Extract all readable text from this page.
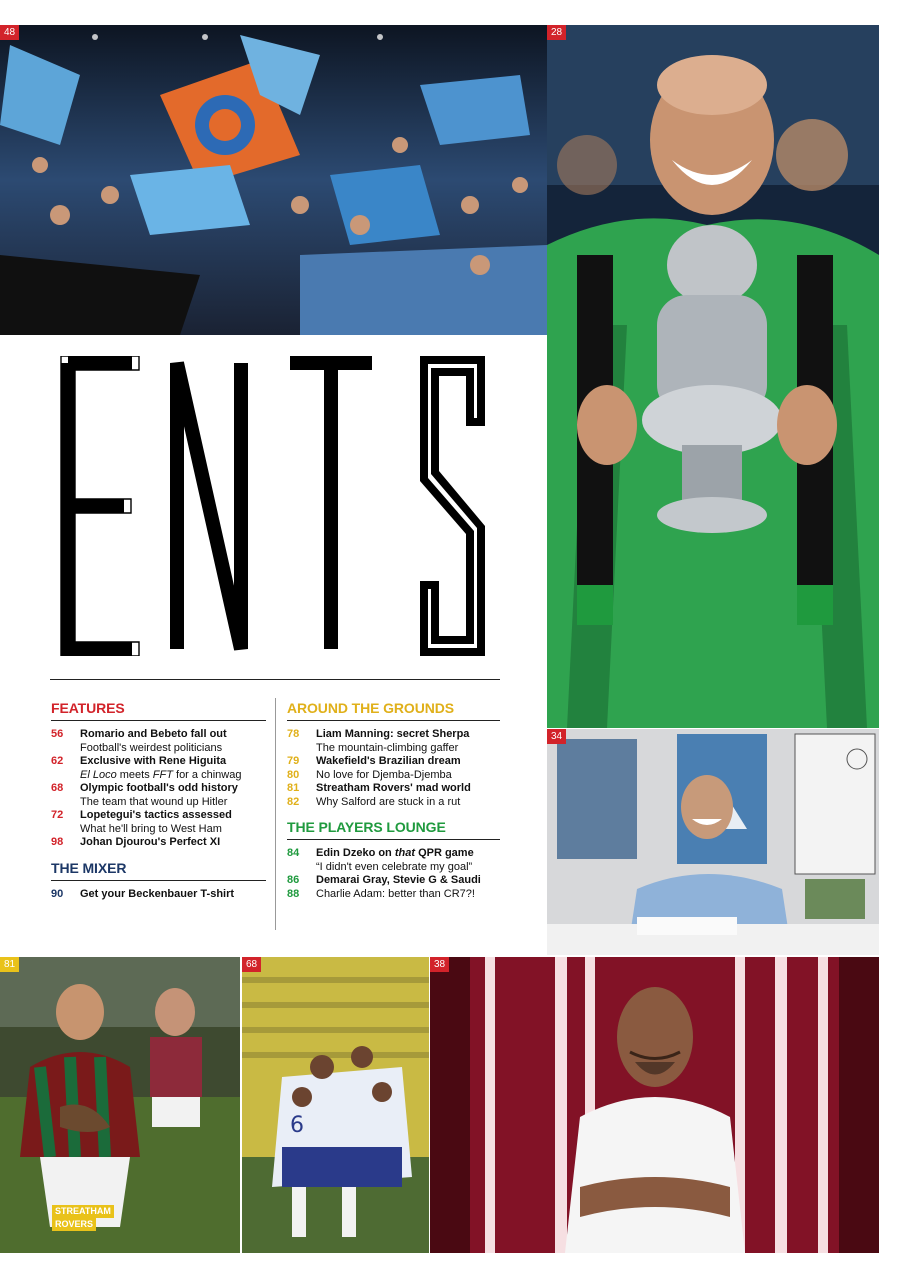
48	28
FEATURES
56	Romario and Bebeto fall out
Football's weirdest politicians
62	Exclusive with Rene Higuita
El Loco meets FFT for a chinwag
68	Olympic football's odd history
The team that wound up Hitler
72	Lopetegui's tactics assessed
What he'll bring to West Ham
98	Johan Djourou's Perfect XI
THE MIXER
90	Get your Beckenbauer T-shirt
AROUND THE GROUNDS
78	Liam Manning: secret Sherpa
The mountain-climbing gaffer
79	Wakefield's Brazilian dream
80	No love for Djemba-Djemba
81	Streatham Rovers' mad world
82	Why Salford are stuck in a rut
THE PLAYERS LOUNGE
84	Edin Dzeko on that QPR game
“I didn't even celebrate my goal”
86	Demarai Gray, Stevie G & Saudi
88	Charlie Adam: better than CR7?!
34
81
STREATHAM
ROVERS
6
68	38
